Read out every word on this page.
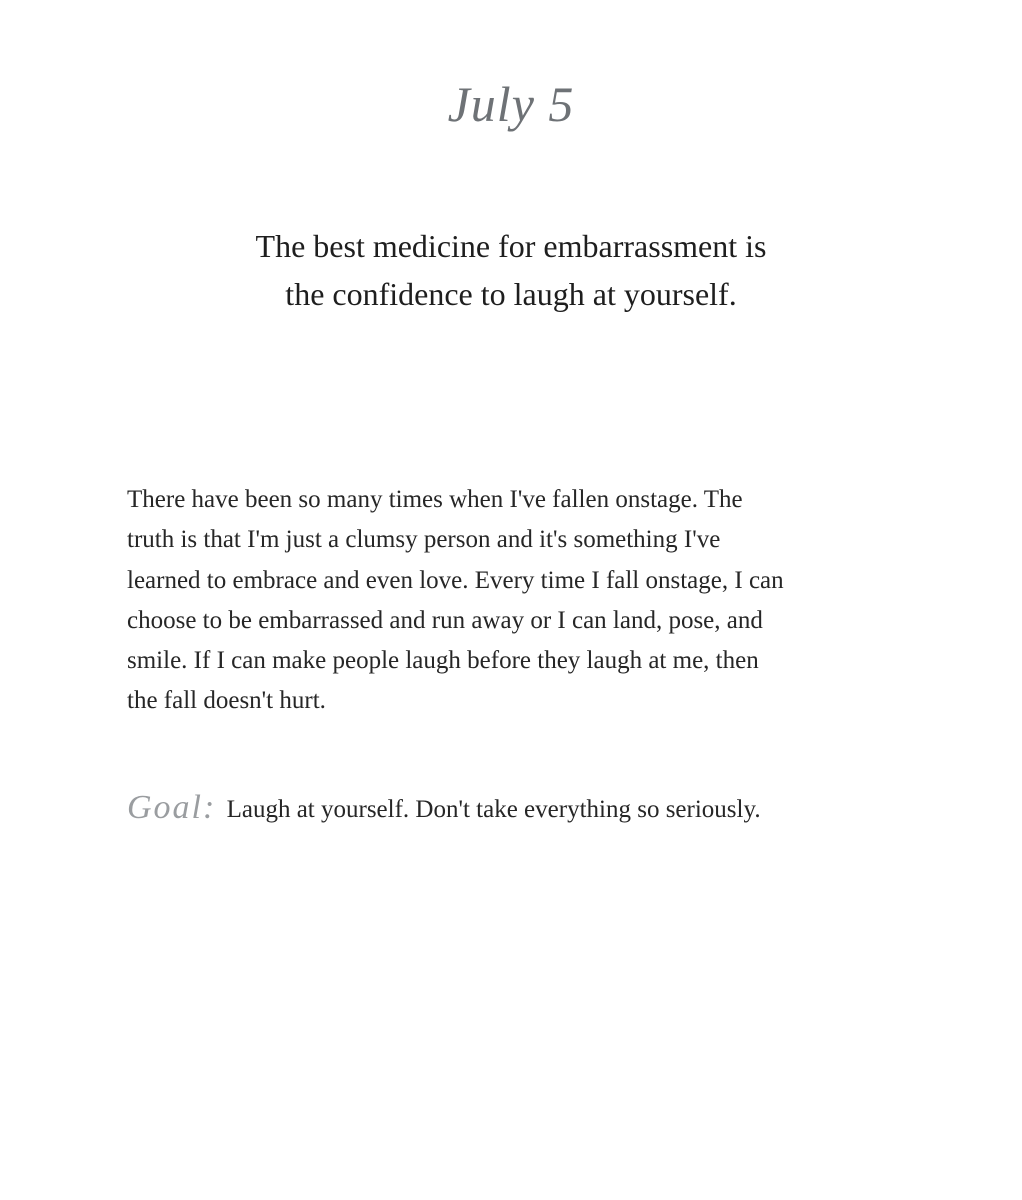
July 5
The best medicine for embarrassment is
the confidence to laugh at yourself.
There have been so many times when I've fallen onstage. The
truth is that I'm just a clumsy person and it's something I've
learned to embrace and even love. Every time I fall onstage, I can
choose to be embarrassed and run away or I can land, pose, and
smile. If I can make people laugh before they laugh at me, then
the fall doesn't hurt.
Goal: Laugh at yourself. Don't take everything so seriously.
